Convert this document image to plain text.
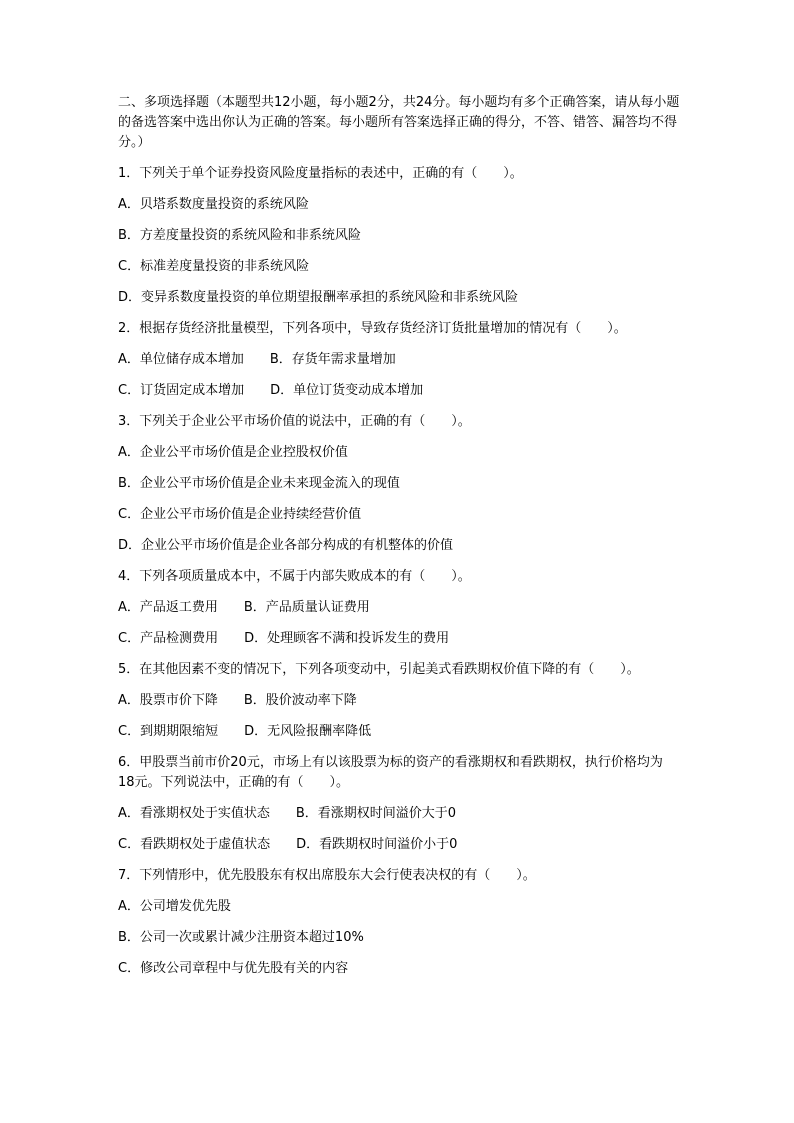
二、多项选择题（本题型共12小题，每小题2分，共24分。每小题均有多个正确答案，请从每小题的备选答案中选出你认为正确的答案。每小题所有答案选择正确的得分，不答、错答、漏答均不得分。）
1．下列关于单个证券投资风险度量指标的表述中，正确的有（　　）。
A．贝塔系数度量投资的系统风险
B．方差度量投资的系统风险和非系统风险
C．标准差度量投资的非系统风险
D．变异系数度量投资的单位期望报酬率承担的系统风险和非系统风险
2．根据存货经济批量模型，下列各项中，导致存货经济订货批量增加的情况有（　　）。
A．单位储存成本增加　　B．存货年需求量增加
C．订货固定成本增加　　D．单位订货变动成本增加
3．下列关于企业公平市场价值的说法中，正确的有（　　）。
A．企业公平市场价值是企业控股权价值
B．企业公平市场价值是企业未来现金流入的现值
C．企业公平市场价值是企业持续经营价值
D．企业公平市场价值是企业各部分构成的有机整体的价值
4．下列各项质量成本中，不属于内部失败成本的有（　　）。
A．产品返工费用　　B．产品质量认证费用
C．产品检测费用　　D．处理顾客不满和投诉发生的费用
5．在其他因素不变的情况下，下列各项变动中，引起美式看跌期权价值下降的有（　　）。
A．股票市价下降　　B．股价波动率下降
C．到期期限缩短　　D．无风险报酬率降低
6．甲股票当前市价20元，市场上有以该股票为标的资产的看涨期权和看跌期权，执行价格均为18元。下列说法中，正确的有（　　）。
A．看涨期权处于实值状态　　B．看涨期权时间溢价大于0
C．看跌期权处于虚值状态　　D．看跌期权时间溢价小于0
7．下列情形中，优先股股东有权出席股东大会行使表决权的有（　　）。
A．公司增发优先股
B．公司一次或累计减少注册资本超过10%
C．修改公司章程中与优先股有关的内容
